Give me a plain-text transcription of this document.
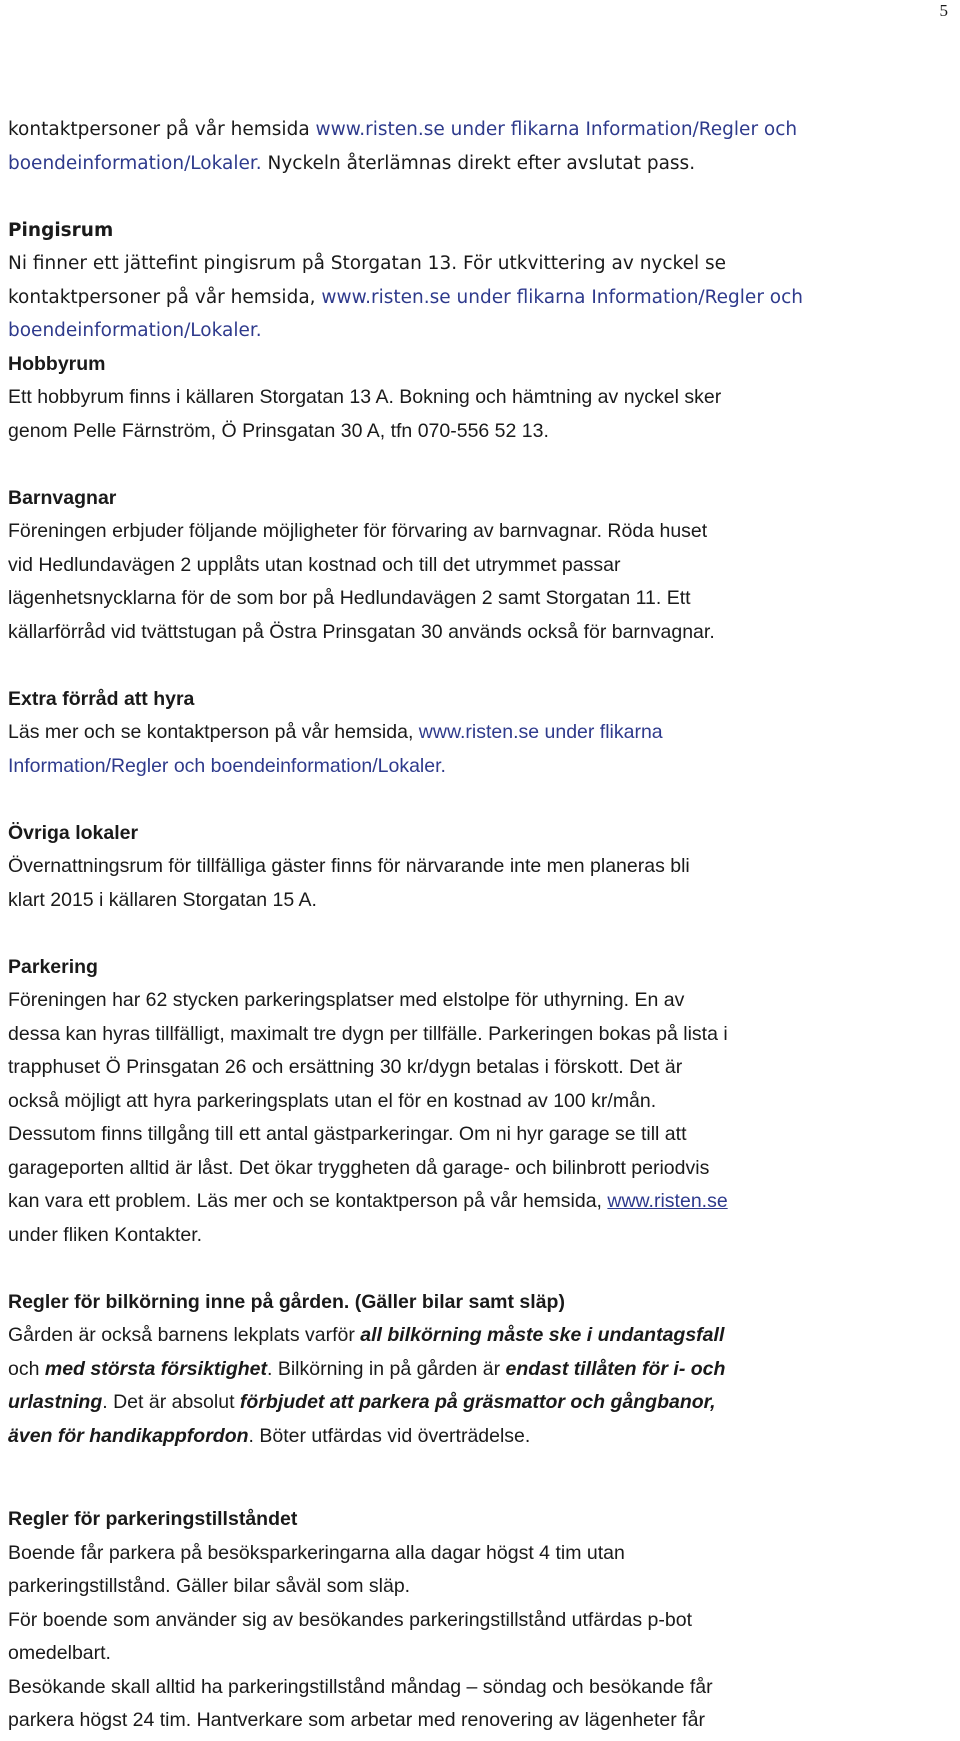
5

kontaktpersoner på vår hemsida www.risten.se under flikarna Information/Regler och

boendeinformation/Lokaler. Nyckeln återlämnas direkt efter avslutat pass.

Pingisrum

Ni finner ett jättefint pingisrum på Storgatan 13. För utkvittering av nyckel se

kontaktpersoner på vår hemsida, www.risten.se under flikarna Information/Regler och

boendeinformation/Lokaler.

Hobbyrum

Ett hobbyrum finns i källaren Storgatan 13 A. Bokning och hämtning av nyckel sker

genom Pelle Färnström, Ö Prinsgatan 30 A, tfn 070-556 52 13.

Barnvagnar

Föreningen erbjuder följande möjligheter för förvaring av barnvagnar. Röda huset

vid Hedlundavägen 2 upplåts utan kostnad och till det utrymmet passar

lägenhetsnycklarna för de som bor på Hedlundavägen 2 samt Storgatan 11. Ett

källarförråd vid tvättstugan på Östra Prinsgatan 30 används också för barnvagnar.

Extra förråd att hyra

Läs mer och se kontaktperson på vår hemsida, www.risten.se under flikarna

Information/Regler och boendeinformation/Lokaler.

Övriga lokaler

Övernattningsrum för tillfälliga gäster finns för närvarande inte men planeras bli

klart 2015 i källaren Storgatan 15 A.

Parkering

Föreningen har 62 stycken parkeringsplatser med elstolpe för uthyrning. En av

dessa kan hyras tillfälligt, maximalt tre dygn per tillfälle. Parkeringen bokas på lista i

trapphuset Ö Prinsgatan 26 och ersättning 30 kr/dygn betalas i förskott. Det är

också möjligt att hyra parkeringsplats utan el för en kostnad av 100 kr/mån.

Dessutom finns tillgång till ett antal gästparkeringar. Om ni hyr garage se till att

garageporten alltid är låst. Det ökar tryggheten då garage- och bilinbrott periodvis

kan vara ett problem. Läs mer och se kontaktperson på vår hemsida, www.risten.se

under fliken Kontakter.

Regler för bilkörning inne på gården. (Gäller bilar samt släp)

Gården är också barnens lekplats varför all bilkörning måste ske i undantagsfall

och med största försiktighet. Bilkörning in på gården är endast tillåten för i- och

urlastning. Det är absolut förbjudet att parkera på gräsmattor och gångbanor,

även för handikappfordon. Böter utfärdas vid överträdelse.

Regler för parkeringstillståndet

Boende får parkera på besöksparkeringarna alla dagar högst 4 tim utan

parkeringstillstånd. Gäller bilar såväl som släp.

För boende som använder sig av besökandes parkeringstillstånd utfärdas p-bot

omedelbart.

Besökande skall alltid ha parkeringstillstånd måndag – söndag och besökande får

parkera högst 24 tim. Hantverkare som arbetar med renovering av lägenheter får
